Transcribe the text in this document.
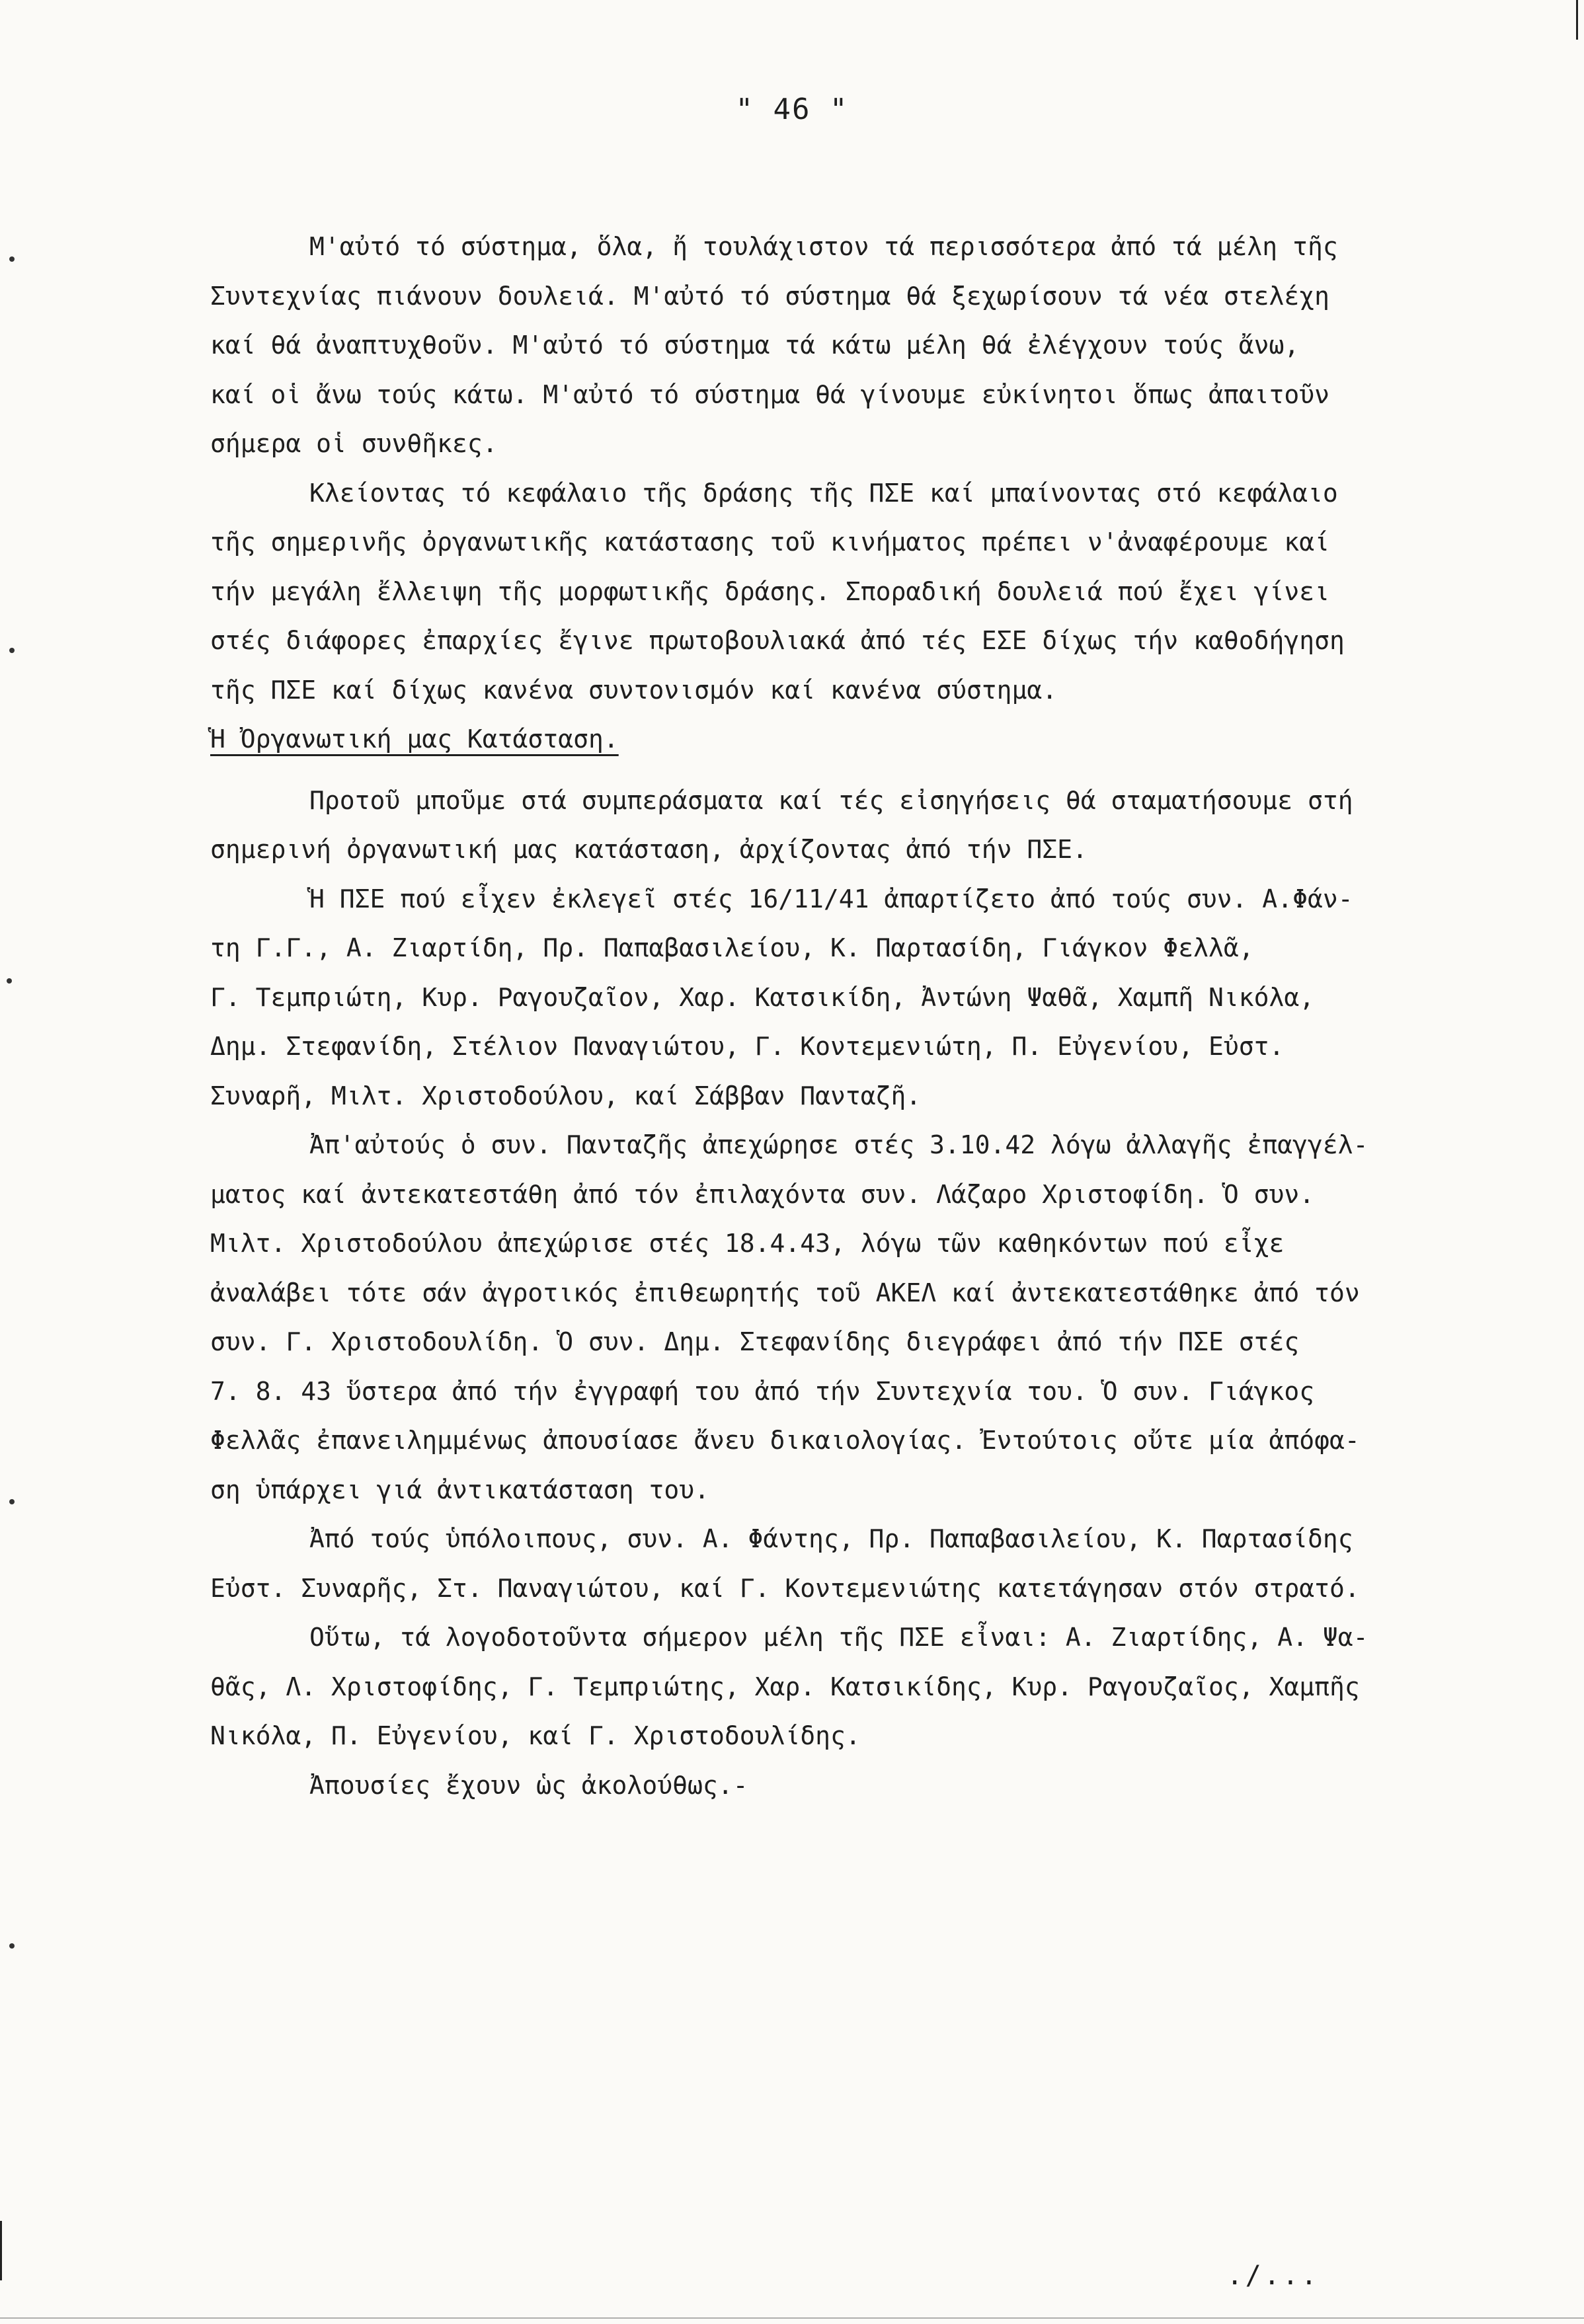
" 46 "
Μ'αὐτό τό σύστημα, ὅλα, ἤ τουλάχιστον τά περισσότερα ἀπό τά μέλη τῆς
Συντεχνίας πιάνουν δουλειά. Μ'αὐτό τό σύστημα θά ξεχωρίσουν τά νέα στελέχη
καί θά ἀναπτυχθοῦν. Μ'αὐτό τό σύστημα τά κάτω μέλη θά ἐλέγχουν τούς ἄνω,
καί οἱ ἄνω τούς κάτω. Μ'αὐτό τό σύστημα θά γίνουμε εὐκίνητοι ὅπως ἀπαιτοῦν
σήμερα οἱ συνθῆκες.
Κλείοντας τό κεφάλαιο τῆς δράσης τῆς ΠΣΕ καί μπαίνοντας στό κεφάλαιο
τῆς σημερινῆς ὀργανωτικῆς κατάστασης τοῦ κινήματος πρέπει ν'ἀναφέρουμε καί
τήν μεγάλη ἔλλειψη τῆς μορφωτικῆς δράσης. Σποραδική δουλειά πού ἔχει γίνει
στές διάφορες ἐπαρχίες ἔγινε πρωτοβουλιακά ἀπό τές ΕΣΕ δίχως τήν καθοδήγηση
τῆς ΠΣΕ καί δίχως κανένα συντονισμόν καί κανένα σύστημα.
Ἡ Ὀργανωτική μας Κατάσταση.
Προτοῦ μποῦμε στά συμπεράσματα καί τές εἰσηγήσεις θά σταματήσουμε στή
σημερινή ὀργανωτική μας κατάσταση, ἀρχίζοντας ἀπό τήν ΠΣΕ.
Ἡ ΠΣΕ πού εἶχεν ἐκλεγεῖ στές 16/11/41 ἀπαρτίζετο ἀπό τούς συν. Α.Φάν-
τη Γ.Γ., Α. Ζιαρτίδη, Πρ. Παπαβασιλείου, Κ. Παρτασίδη, Γιάγκον Φελλᾶ,
Γ. Τεμπριώτη, Κυρ. Ραγουζαῖον, Χαρ. Κατσικίδη, Ἀντώνη Ψαθᾶ, Χαμπῆ Νικόλα,
Δημ. Στεφανίδη, Στέλιον Παναγιώτου, Γ. Κοντεμενιώτη, Π. Εὐγενίου, Εὐστ.
Συναρῆ, Μιλτ. Χριστοδούλου, καί Σάββαν Πανταζῆ.
Ἀπ'αὐτούς ὁ συν. Πανταζῆς ἀπεχώρησε στές 3.10.42 λόγω ἀλλαγῆς ἐπαγγέλ-
ματος καί ἀντεκατεστάθη ἀπό τόν ἐπιλαχόντα συν. Λάζαρο Χριστοφίδη. Ὁ συν.
Μιλτ. Χριστοδούλου ἀπεχώρισε στές 18.4.43, λόγω τῶν καθηκόντων πού εἶχε
ἀναλάβει τότε σάν ἀγροτικός ἐπιθεωρητής τοῦ ΑΚΕΛ καί ἀντεκατεστάθηκε ἀπό τόν
συν. Γ. Χριστοδουλίδη. Ὁ συν. Δημ. Στεφανίδης διεγράφει ἀπό τήν ΠΣΕ στές
7. 8. 43 ὕστερα ἀπό τήν ἐγγραφή του ἀπό τήν Συντεχνία του. Ὁ συν. Γιάγκος
Φελλᾶς ἐπανειλημμένως ἀπουσίασε ἄνευ δικαιολογίας. Ἐντούτοις οὔτε μία ἀπόφα-
ση ὑπάρχει γιά ἀντικατάσταση του.
Ἀπό τούς ὑπόλοιπους, συν. Α. Φάντης, Πρ. Παπαβασιλείου, Κ. Παρτασίδης
Εὐστ. Συναρῆς, Στ. Παναγιώτου, καί Γ. Κοντεμενιώτης κατετάγησαν στόν στρατό.
Οὕτω, τά λογοδοτοῦντα σήμερον μέλη τῆς ΠΣΕ εἶναι: Α. Ζιαρτίδης, Α. Ψα-
θᾶς, Λ. Χριστοφίδης, Γ. Τεμπριώτης, Χαρ. Κατσικίδης, Κυρ. Ραγουζαῖος, Χαμπῆς
Νικόλα, Π. Εὐγενίου, καί Γ. Χριστοδουλίδης.
Ἀπουσίες ἔχουν ὡς ἀκολούθως.-
./...
